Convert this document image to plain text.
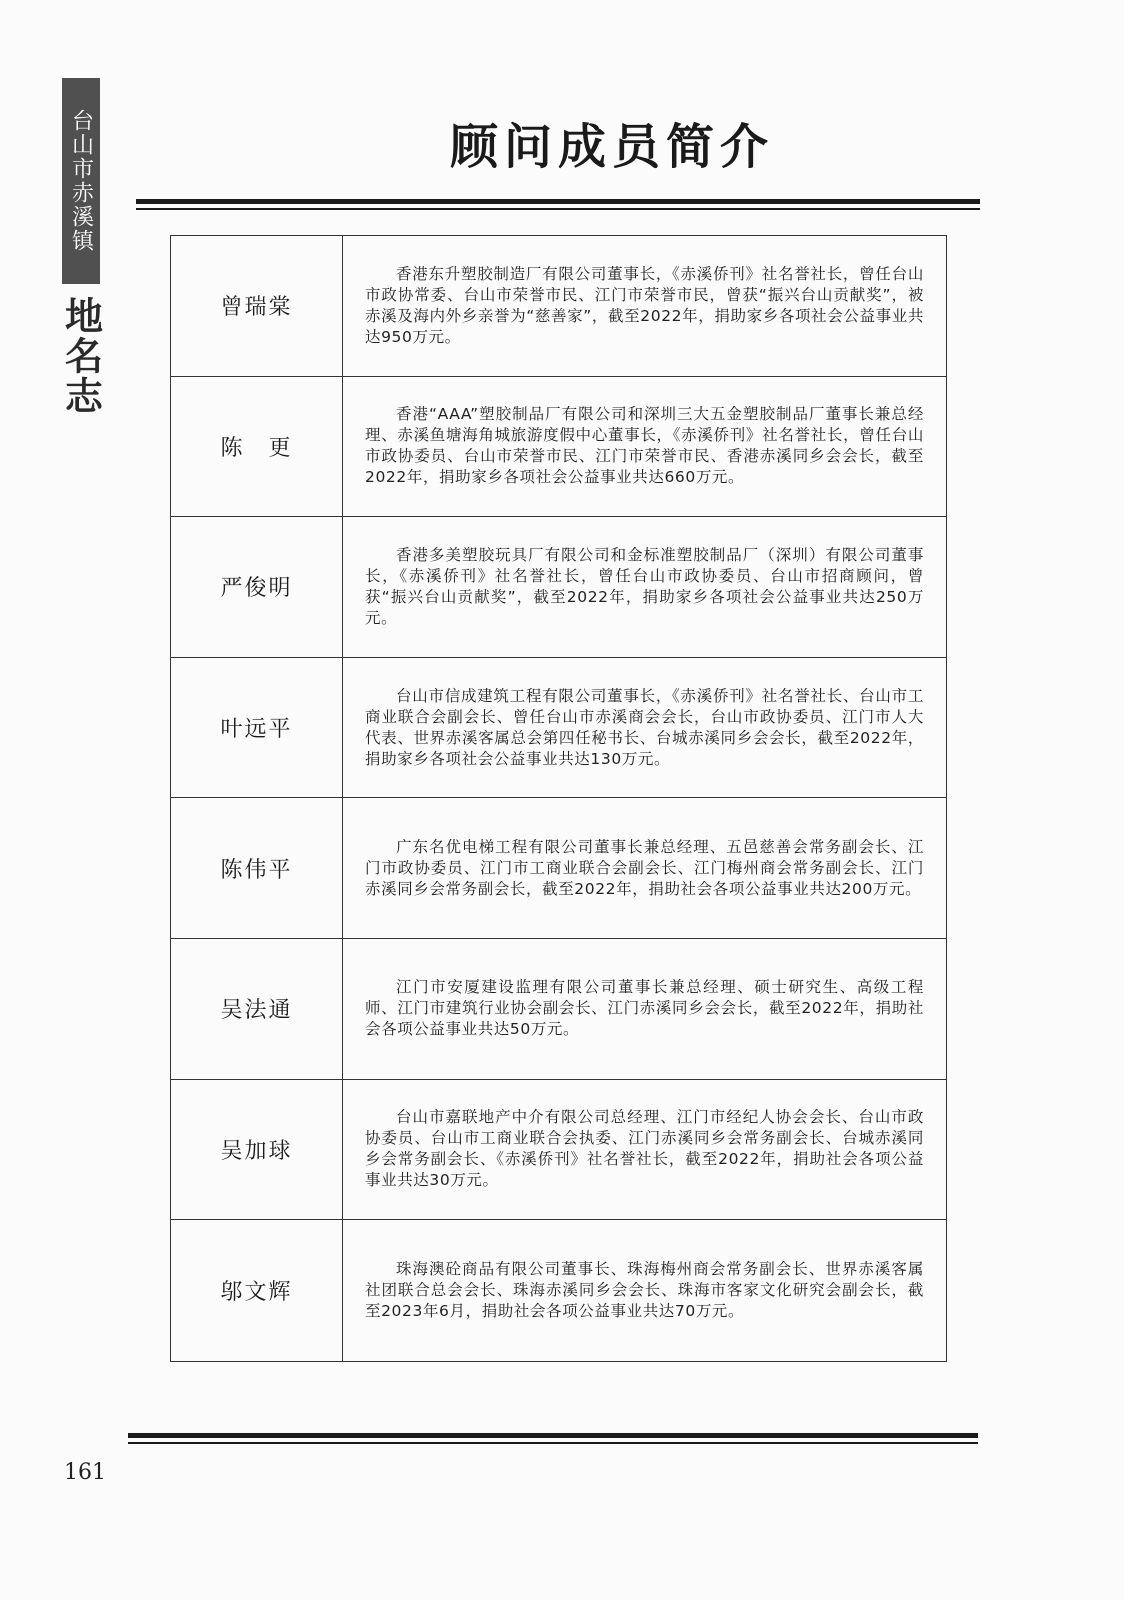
台山市赤溪镇
地名志
顾问成员简介
曾瑞棠
香港东升塑胶制造厂有限公司董事长，《赤溪侨刊》社名誉社长，曾任台山市政协常委、台山市荣誉市民、江门市荣誉市民，曾获“振兴台山贡献奖”，被赤溪及海内外乡亲誉为“慈善家”，截至2022年，捐助家乡各项社会公益事业共达950万元。
陈　更
香港“AAA”塑胶制品厂有限公司和深圳三大五金塑胶制品厂董事长兼总经理、赤溪鱼塘海角城旅游度假中心董事长，《赤溪侨刊》社名誉社长，曾任台山市政协委员、台山市荣誉市民、江门市荣誉市民、香港赤溪同乡会会长，截至2022年，捐助家乡各项社会公益事业共达660万元。
严俊明
香港多美塑胶玩具厂有限公司和金标准塑胶制品厂（深圳）有限公司董事长，《赤溪侨刊》社名誉社长，曾任台山市政协委员、台山市招商顾问，曾获“振兴台山贡献奖”，截至2022年，捐助家乡各项社会公益事业共达250万元。
叶远平
台山市信成建筑工程有限公司董事长，《赤溪侨刊》社名誉社长、台山市工商业联合会副会长、曾任台山市赤溪商会会长，台山市政协委员、江门市人大代表、世界赤溪客属总会第四任秘书长、台城赤溪同乡会会长，截至2022年，捐助家乡各项社会公益事业共达130万元。
陈伟平
广东名优电梯工程有限公司董事长兼总经理、五邑慈善会常务副会长、江门市政协委员、江门市工商业联合会副会长、江门梅州商会常务副会长、江门赤溪同乡会常务副会长，截至2022年，捐助社会各项公益事业共达200万元。
吴法通
江门市安厦建设监理有限公司董事长兼总经理、硕士研究生、高级工程师、江门市建筑行业协会副会长、江门赤溪同乡会会长，截至2022年，捐助社会各项公益事业共达50万元。
吴加球
台山市嘉联地产中介有限公司总经理、江门市经纪人协会会长、台山市政协委员、台山市工商业联合会执委、江门赤溪同乡会常务副会长、台城赤溪同乡会常务副会长、《赤溪侨刊》社名誉社长，截至2022年，捐助社会各项公益事业共达30万元。
邬文辉
珠海澳砼商品有限公司董事长、珠海梅州商会常务副会长、世界赤溪客属社团联合总会会长、珠海赤溪同乡会会长、珠海市客家文化研究会副会长，截至2023年6月，捐助社会各项公益事业共达70万元。
161
